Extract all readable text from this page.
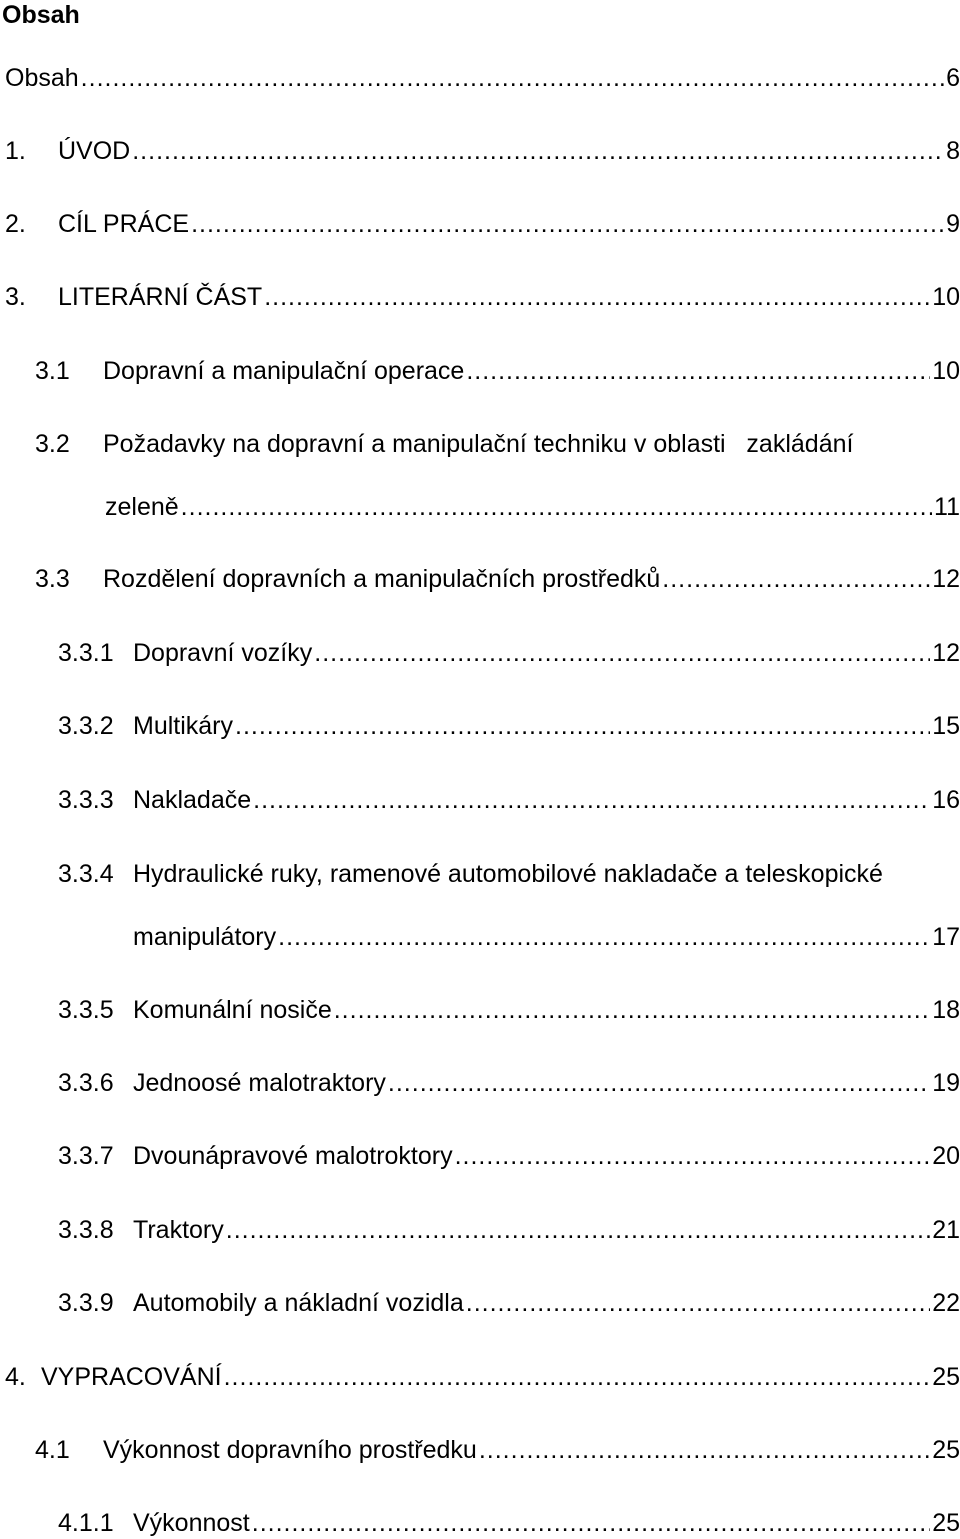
Obsah
Obsah .....	6
1.	ÚVOD .....	8
2.	CÍL PRÁCE .....	9
3.	LITERÁRNÍ ČÁST .....	10
3.1	Dopravní a manipulační operace .....	10
3.2	Požadavky na dopravní a manipulační techniku v oblasti   zakládání
zeleně .....	11
3.3	Rozdělení dopravních a manipulačních prostředků .....	12
3.3.1 Dopravní vozíky .....	12
3.3.2 Multikáry .....	15
3.3.3 Nakladače .....	16
3.3.4 Hydraulické ruky, ramenové automobilové nakladače a teleskopické
manipulátory .....	17
3.3.5 Komunální nosiče .....	18
3.3.6 Jednoosé malotraktory .....	19
3.3.7 Dvounápravové malotroktory .....	20
3.3.8 Traktory .....	21
3.3.9 Automobily a nákladní vozidla .....	22
4. VYPRACOVÁNÍ .....	25
4.1	Výkonnost dopravního prostředku .....	25
4.1.1 Výkonnost .....	25
